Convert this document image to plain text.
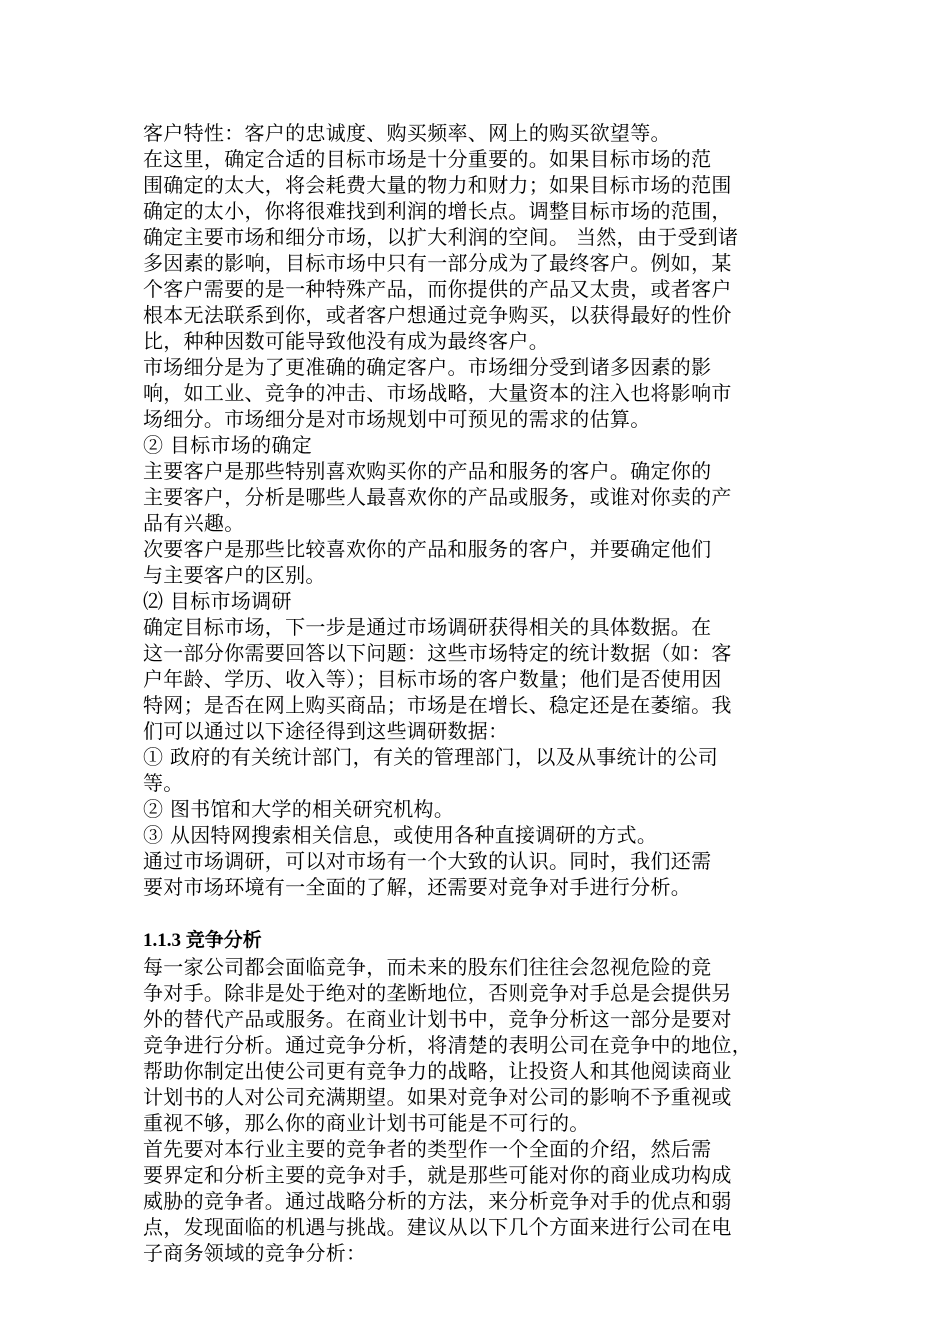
客户特性：客户的忠诚度、购买频率、网上的购买欲望等。
在这里，确定合适的目标市场是十分重要的。如果目标市场的范
围确定的太大，将会耗费大量的物力和财力；如果目标市场的范围
确定的太小，你将很难找到利润的增长点。调整目标市场的范围，
确定主要市场和细分市场，以扩大利润的空间。 当然，由于受到诸
多因素的影响，目标市场中只有一部分成为了最终客户。例如，某
个客户需要的是一种特殊产品，而你提供的产品又太贵，或者客户
根本无法联系到你，或者客户想通过竞争购买，以获得最好的性价
比，种种因数可能导致他没有成为最终客户。
市场细分是为了更准确的确定客户。市场细分受到诸多因素的影
响，如工业、竞争的冲击、市场战略，大量资本的注入也将影响市
场细分。市场细分是对市场规划中可预见的需求的估算。
② 目标市场的确定
主要客户是那些特别喜欢购买你的产品和服务的客户。确定你的
主要客户，分析是哪些人最喜欢你的产品或服务，或谁对你卖的产
品有兴趣。
次要客户是那些比较喜欢你的产品和服务的客户，并要确定他们
与主要客户的区别。
⑵ 目标市场调研
确定目标市场，下一步是通过市场调研获得相关的具体数据。在
这一部分你需要回答以下问题：这些市场特定的统计数据（如：客
户年龄、学历、收入等）；目标市场的客户数量；他们是否使用因
特网；是否在网上购买商品；市场是在增长、稳定还是在萎缩。我
们可以通过以下途径得到这些调研数据：
① 政府的有关统计部门，有关的管理部门，以及从事统计的公司
等。
② 图书馆和大学的相关研究机构。
③ 从因特网搜索相关信息，或使用各种直接调研的方式。
通过市场调研，可以对市场有一个大致的认识。同时，我们还需
要对市场环境有一全面的了解，还需要对竞争对手进行分析。
1.1.3 竞争分析
每一家公司都会面临竞争，而未来的股东们往往会忽视危险的竞
争对手。除非是处于绝对的垄断地位，否则竞争对手总是会提供另
外的替代产品或服务。在商业计划书中，竞争分析这一部分是要对
竞争进行分析。通过竞争分析，将清楚的表明公司在竞争中的地位，
帮助你制定出使公司更有竞争力的战略，让投资人和其他阅读商业
计划书的人对公司充满期望。如果对竞争对公司的影响不予重视或
重视不够，那么你的商业计划书可能是不可行的。
首先要对本行业主要的竞争者的类型作一个全面的介绍，然后需
要界定和分析主要的竞争对手，就是那些可能对你的商业成功构成
威胁的竞争者。通过战略分析的方法，来分析竞争对手的优点和弱
点，发现面临的机遇与挑战。建议从以下几个方面来进行公司在电
子商务领域的竞争分析：
